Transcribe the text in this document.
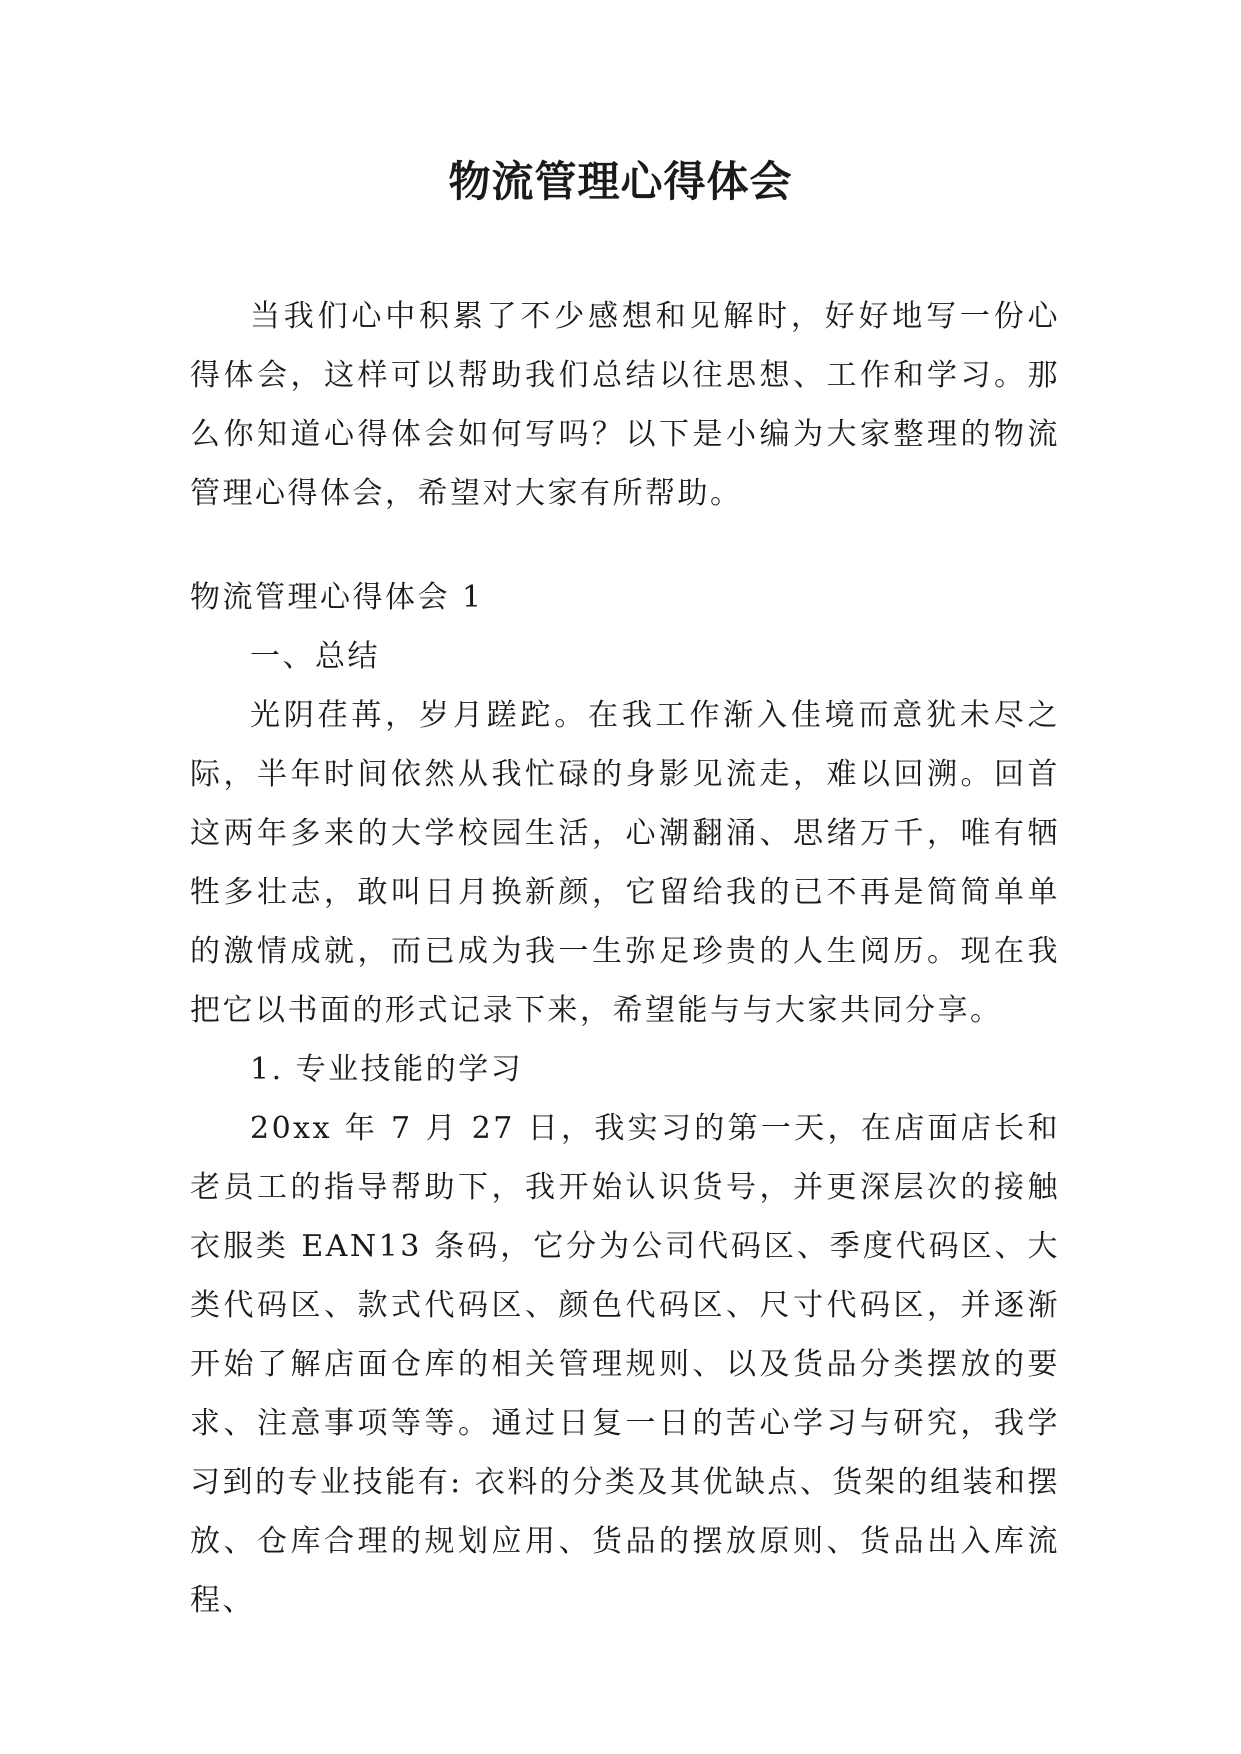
物流管理心得体会

当我们心中积累了不少感想和见解时，好好地写一份心得体会，这样可以帮助我们总结以往思想、工作和学习。那么你知道心得体会如何写吗？以下是小编为大家整理的物流管理心得体会，希望对大家有所帮助。

物流管理心得体会 1

一、总结

光阴荏苒，岁月蹉跎。在我工作渐入佳境而意犹未尽之际，半年时间依然从我忙碌的身影见流走，难以回溯。回首这两年多来的大学校园生活，心潮翻涌、思绪万千，唯有牺牲多壮志，敢叫日月换新颜，它留给我的已不再是简简单单的激情成就，而已成为我一生弥足珍贵的人生阅历。现在我把它以书面的形式记录下来，希望能与与大家共同分享。

1. 专业技能的学习

20xx 年 7 月 27 日，我实习的第一天，在店面店长和老员工的指导帮助下，我开始认识货号，并更深层次的接触衣服类 EAN13 条码，它分为公司代码区、季度代码区、大类代码区、款式代码区、颜色代码区、尺寸代码区，并逐渐开始了解店面仓库的相关管理规则、以及货品分类摆放的要求、注意事项等等。通过日复一日的苦心学习与研究，我学习到的专业技能有: 衣料的分类及其优缺点、货架的组装和摆放、仓库合理的规划应用、货品的摆放原则、货品出入库流程、
